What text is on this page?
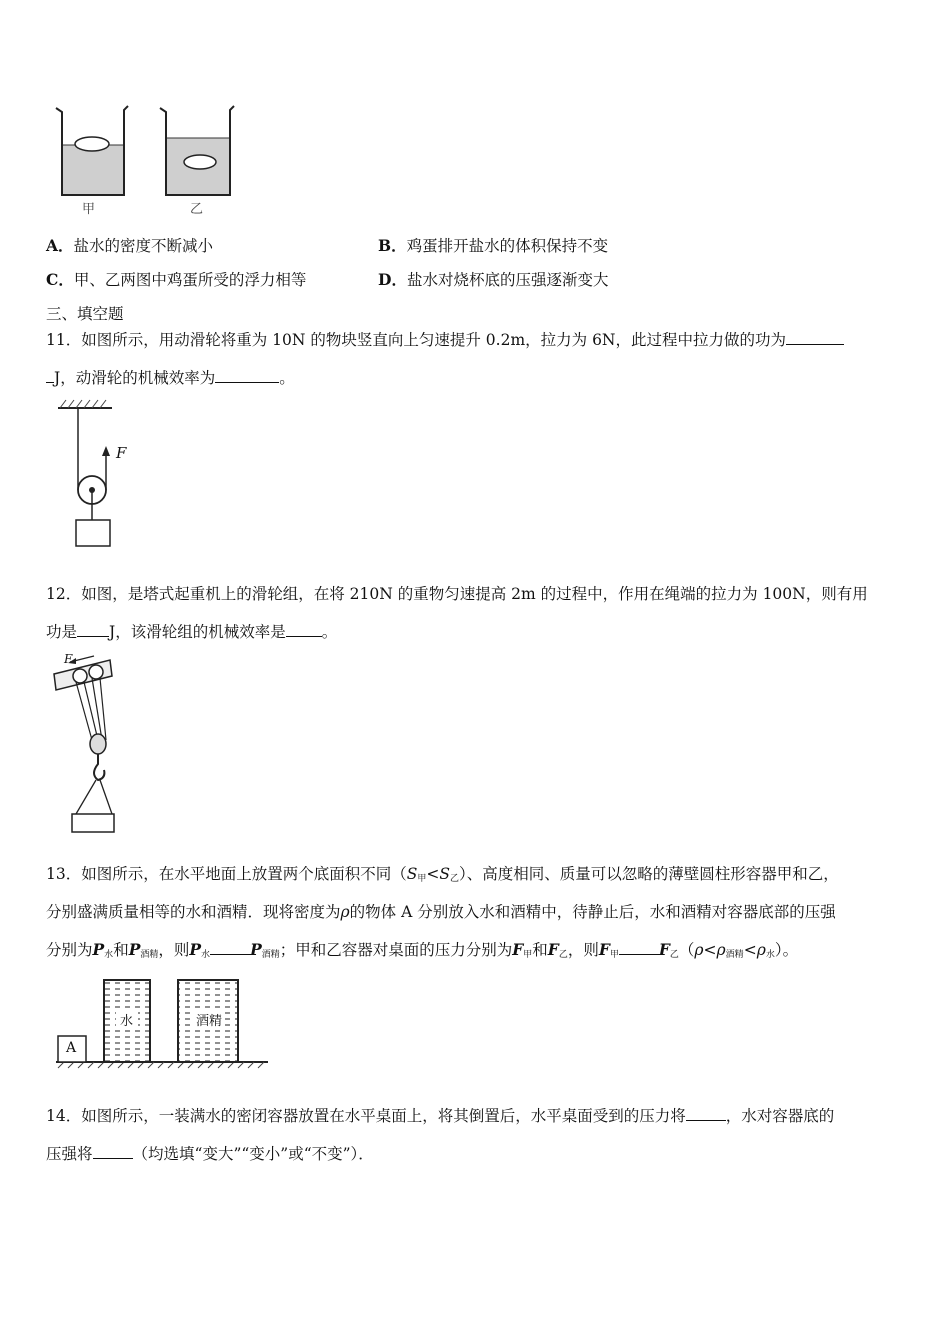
甲	乙
A．盐水的密度不断减小	B．鸡蛋排开盐水的体积保持不变
C．甲、乙两图中鸡蛋所受的浮力相等	D．盐水对烧杯底的压强逐渐变大
三、填空题
11．如图所示，用动滑轮将重为 10N 的物块竖直向上匀速提升 0.2m，拉力为 6N，此过程中拉力做的功为
J，动滑轮的机械效率为	。
F
12．如图，是塔式起重机上的滑轮组，在将 210N 的重物匀速提高 2m 的过程中，作用在绳端的拉力为 100N，则有用
功是 J，该滑轮组的机械效率是 。
F
13．如图所示，在水平地面上放置两个底面积不同$(S_甲<S_乙)$、高度相同、质量可以忽略的薄壁圆柱形容器甲和乙，
分别盛满质量相等的水和酒精．现将密度为ρ的物体 A 分别放入水和酒精中，待静止后，水和酒精对容器底部的压强
分别为$P_水$和$P_{酒精}$，则$P_水$	$P_{酒精}$；甲和乙容器对桌面的压力分别为$F_甲$和$F_乙$，则$F_甲$	$F_乙(\rho<\rho_{酒精}<\rho_水)$。
A
水	酒精
14．如图所示，一装满水的密闭容器放置在水平桌面上，将其倒置后，水平桌面受到的压力将	，水对容器底的
压强将	（均选填“变大”“变小”或“不变”）．
